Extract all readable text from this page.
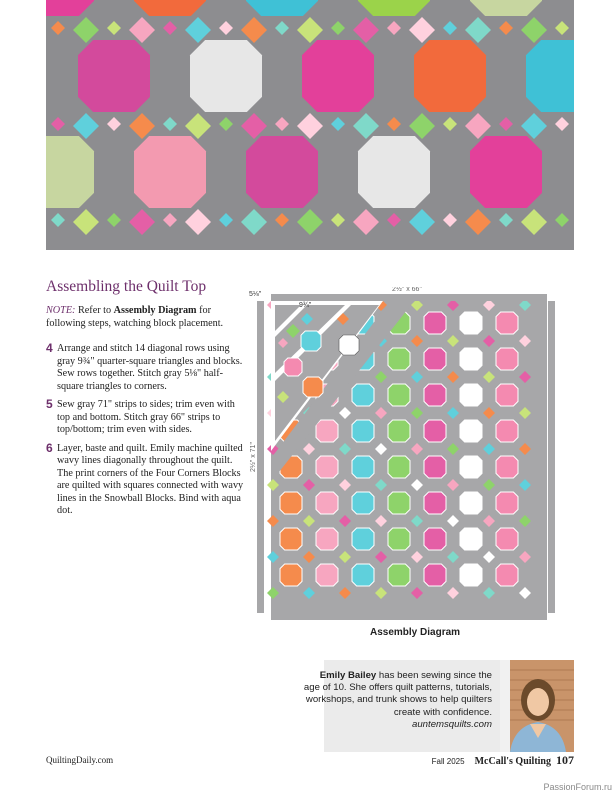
Assembling the Quilt Top
NOTE: Refer to Assembly Diagram for following steps, watching block placement.
4 Arrange and stitch 14 diagonal rows using gray 9¾" quarter-square triangles and blocks. Sew rows together. Stitch gray 5⅛" half-square triangles to corners.
5 Sew gray 71" strips to sides; trim even with top and bottom. Stitch gray 66" strips to top/bottom; trim even with sides.
6 Layer, baste and quilt. Emily machine quilted wavy lines diagonally throughout the quilt. The print corners of the Four Corners Blocks are quilted with squares connected with wavy lines in the Snowball Blocks. Bind with aqua dot.
2½" x 66"
2½" x 71"
5⅛"
9¾"
Assembly Diagram
Emily Bailey has been sewing since the age of 10. She offers quilt patterns, tutorials, workshops, and trunk shows to help quilters create with confidence.
auntemsquilts.com
QuiltingDaily.com	Fall 2025 McCall's Quilting 107
PassionForum.ru
